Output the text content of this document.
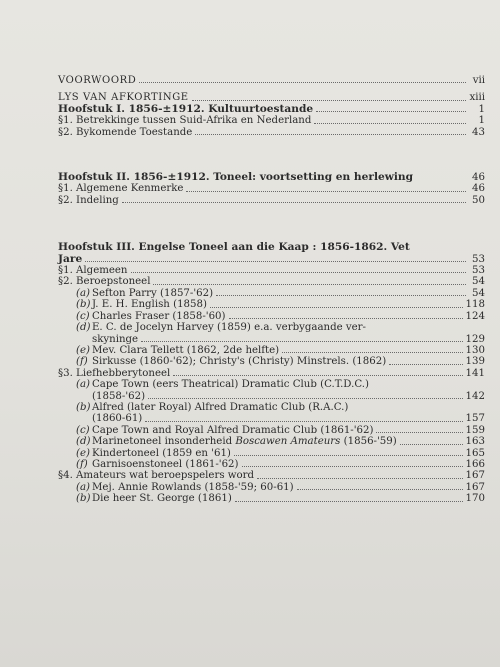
VOORWOORD	vii
LYS VAN AFKORTINGE	xiii
Hoofstuk I. 1856-±1912. Kultuurtoestande	1
§1. Betrekkinge tussen Suid-Afrika en Nederland	1
§2. Bykomende Toestande	43
Hoofstuk II. 1856-±1912. Toneel: voortsetting en herlewing	46
§1. Algemene Kenmerke	46
§2. Indeling	50
Hoofstuk III. Engelse Toneel aan die Kaap : 1856-1862. Vet
Jare	53
§1. Algemeen	53
§2. Beroepstoneel	54
(a) Sefton Parry (1857-'62)	54
(b) J. E. H. English (1858)	118
(c) Charles Fraser (1858-'60)	124
(d) E. C. de Jocelyn Harvey (1859) e.a. verbygaande ver-
skyninge	129
(e) Mev. Clara Tellett (1862, 2de helfte)	130
(f) Sirkusse (1860-'62); Christy's (Christy) Minstrels. (1862)	139
§3. Liefhebberytoneel	141
(a) Cape Town (eers Theatrical) Dramatic Club (C.T.D.C.)
(1858-'62)	142
(b) Alfred (later Royal) Alfred Dramatic Club (R.A.C.)
(1860-61)	157
(c) Cape Town and Royal Alfred Dramatic Club (1861-'62)	159
(d) Marinetoneel insonderheid Boscawen Amateurs (1856-'59)	163
(e) Kindertoneel (1859 en '61)	165
(f) Garnisoenstoneel (1861-'62)	166
§4. Amateurs wat beroepspelers word	167
(a) Mej. Annie Rowlands (1858-'59; 60-61)	167
(b) Die heer St. George (1861)	170
